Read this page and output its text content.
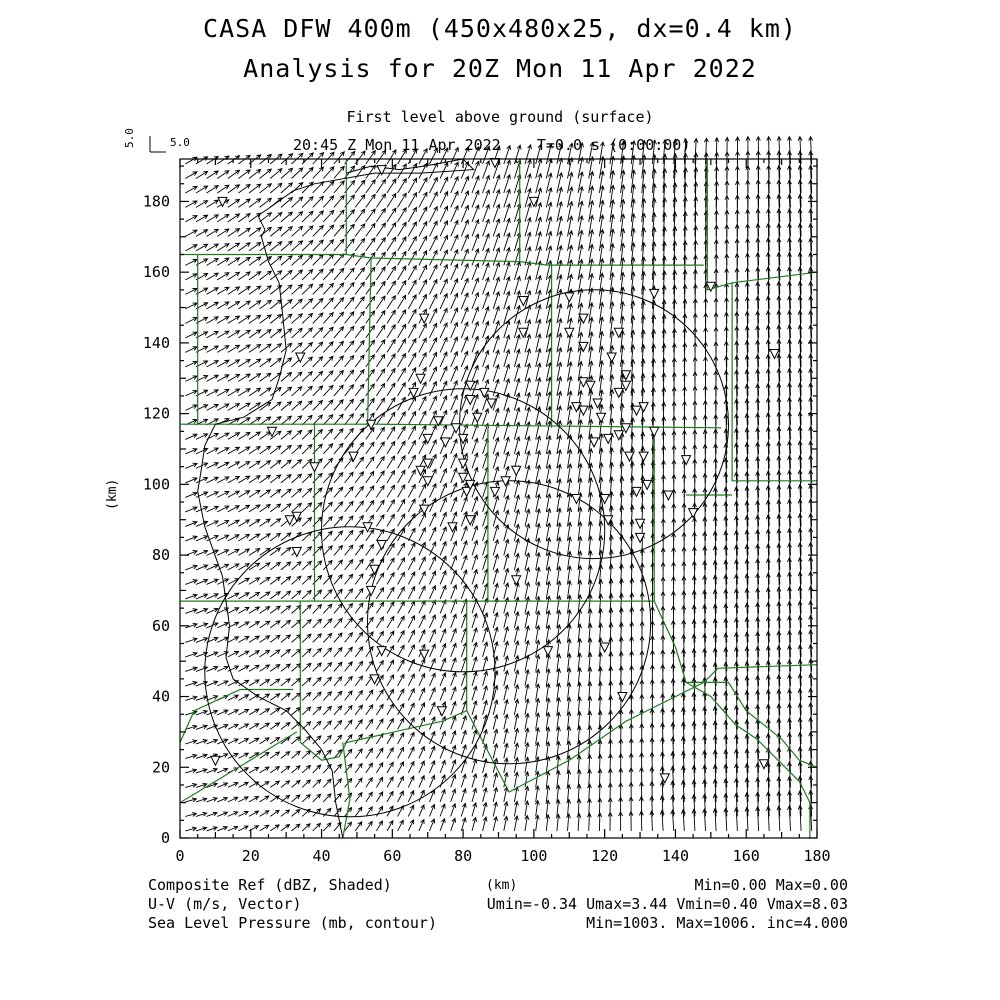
CASA DFW 400m (450x480x25, dx=0.4 km)
Analysis for 20Z Mon 11 Apr 2022
First level above ground (surface)
20:45 Z Mon 11 Apr 2022    T=0.0 s (0:00:00)
5.0	5.0
0	20	40	60	80	100	120	140	160	180
0
20
40
60
80
100
120
140
160
180
(km)
(km)
Composite Ref (dBZ, Shaded)	Min=0.00 Max=0.00
U-V (m/s, Vector)	Umin=-0.34 Umax=3.44 Vmin=0.40 Vmax=8.03
Sea Level Pressure (mb, contour)	Min=1003. Max=1006. inc=4.000
